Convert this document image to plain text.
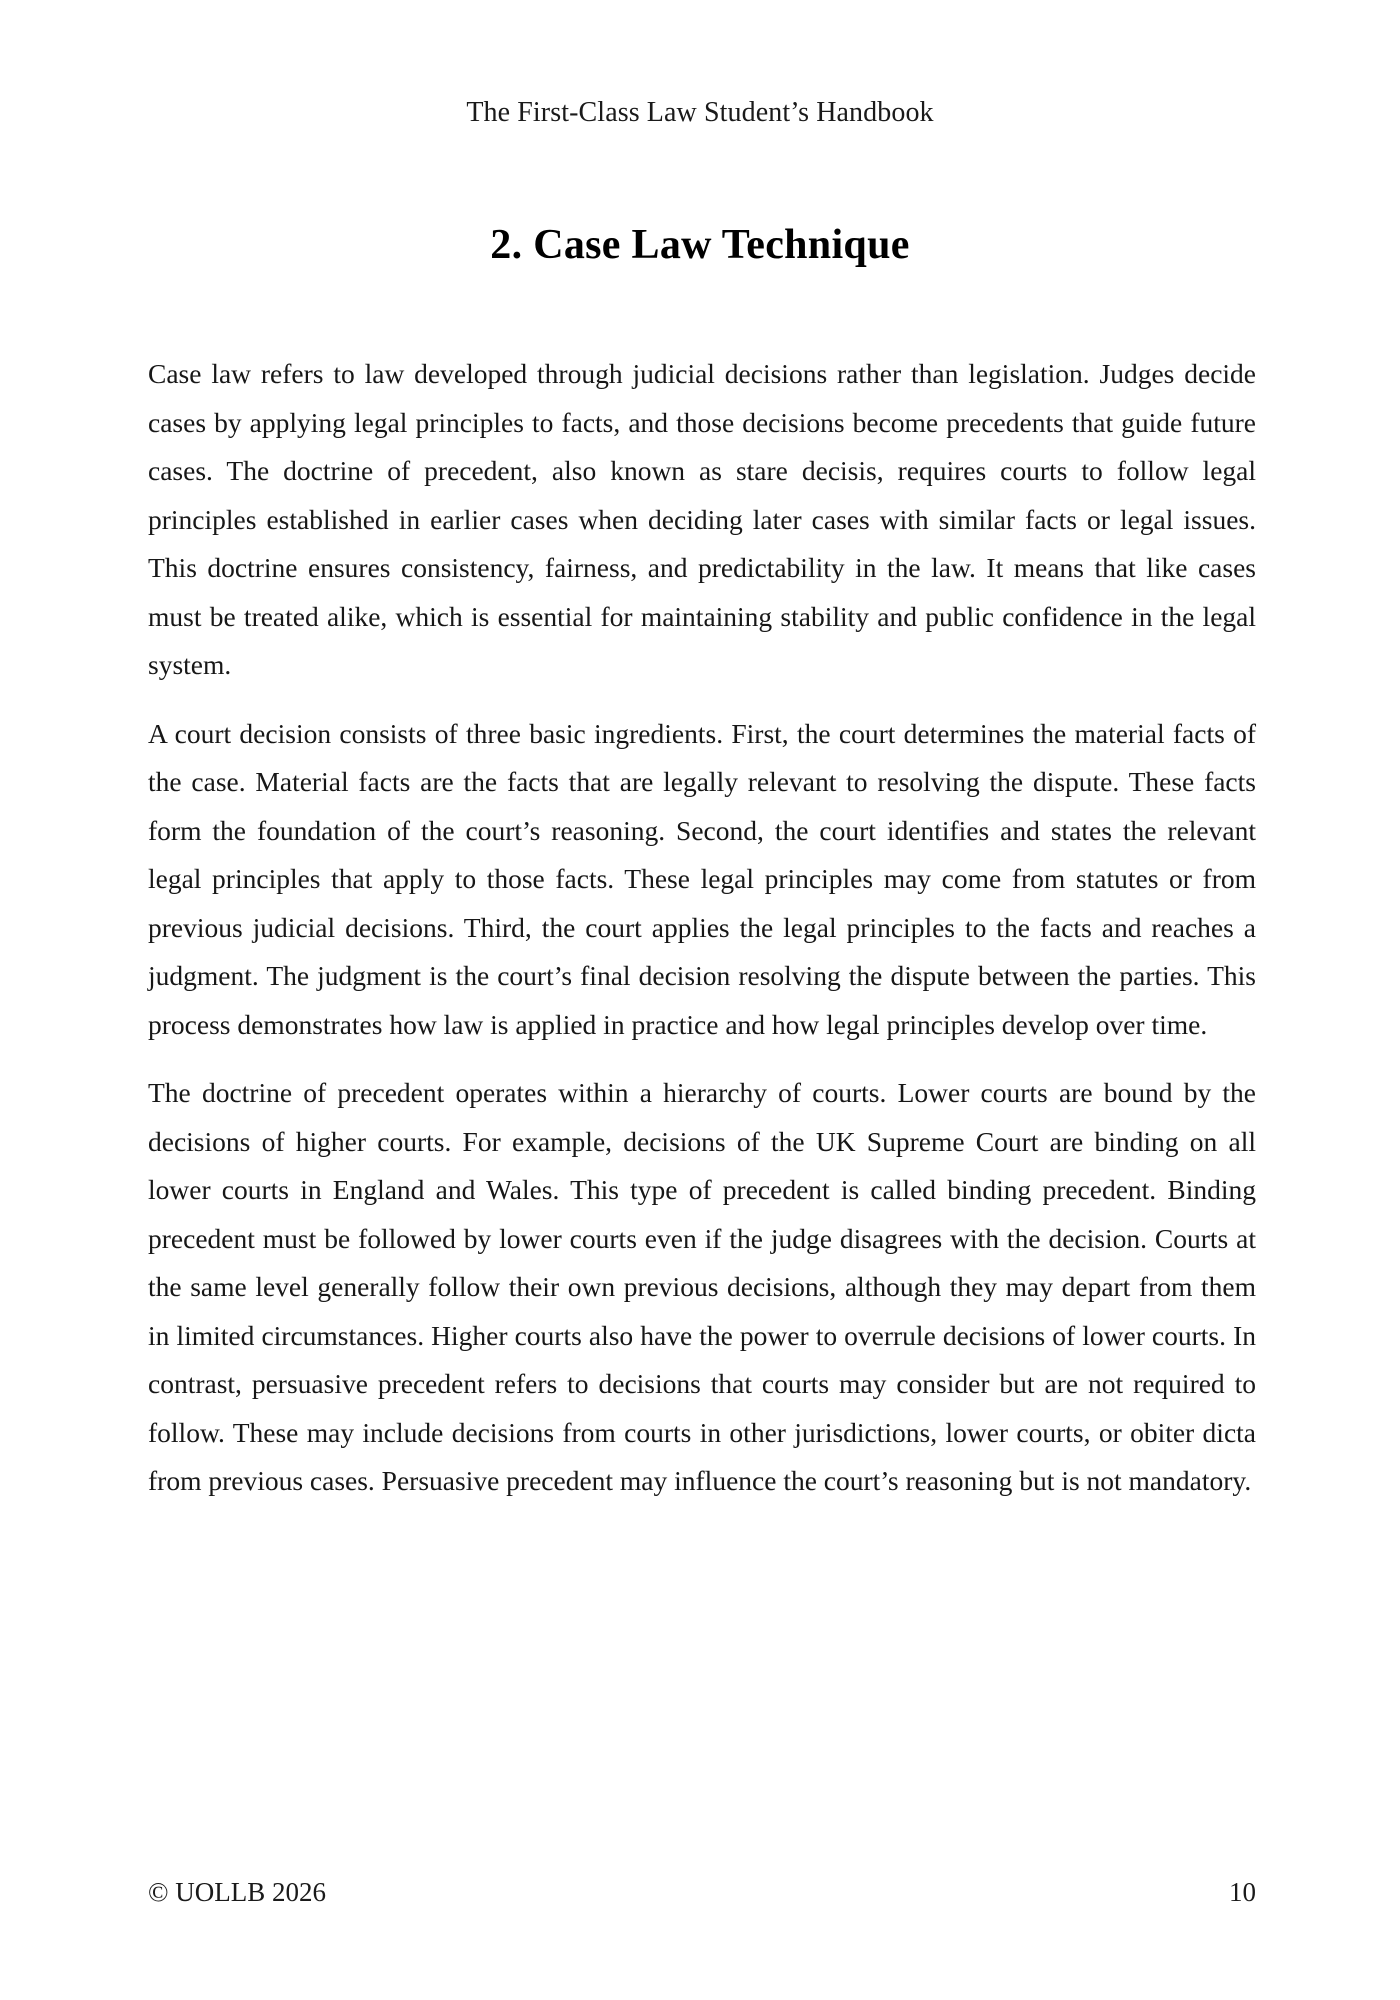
The First-Class Law Student’s Handbook
2. Case Law Technique

Case law refers to law developed through judicial decisions rather than legislation. Judges decide cases by applying legal principles to facts, and those decisions become precedents that guide future cases. The doctrine of precedent, also known as stare decisis, requires courts to follow legal principles established in earlier cases when deciding later cases with similar facts or legal issues. This doctrine ensures consistency, fairness, and predictability in the law. It means that like cases must be treated alike, which is essential for maintaining stability and public confidence in the legal system.

A court decision consists of three basic ingredients. First, the court determines the material facts of the case. Material facts are the facts that are legally relevant to resolving the dispute. These facts form the foundation of the court’s reasoning. Second, the court identifies and states the relevant legal principles that apply to those facts. These legal principles may come from statutes or from previous judicial decisions. Third, the court applies the legal principles to the facts and reaches a judgment. The judgment is the court’s final decision resolving the dispute between the parties. This process demonstrates how law is applied in practice and how legal principles develop over time.

The doctrine of precedent operates within a hierarchy of courts. Lower courts are bound by the decisions of higher courts. For example, decisions of the UK Supreme Court are binding on all lower courts in England and Wales. This type of precedent is called binding precedent. Binding precedent must be followed by lower courts even if the judge disagrees with the decision. Courts at the same level generally follow their own previous decisions, although they may depart from them in limited circumstances. Higher courts also have the power to overrule decisions of lower courts. In contrast, persuasive precedent refers to decisions that courts may consider but are not required to follow. These may include decisions from courts in other jurisdictions, lower courts, or obiter dicta from previous cases. Persuasive precedent may influence the court’s reasoning but is not mandatory.

© UOLLB 2026	10
